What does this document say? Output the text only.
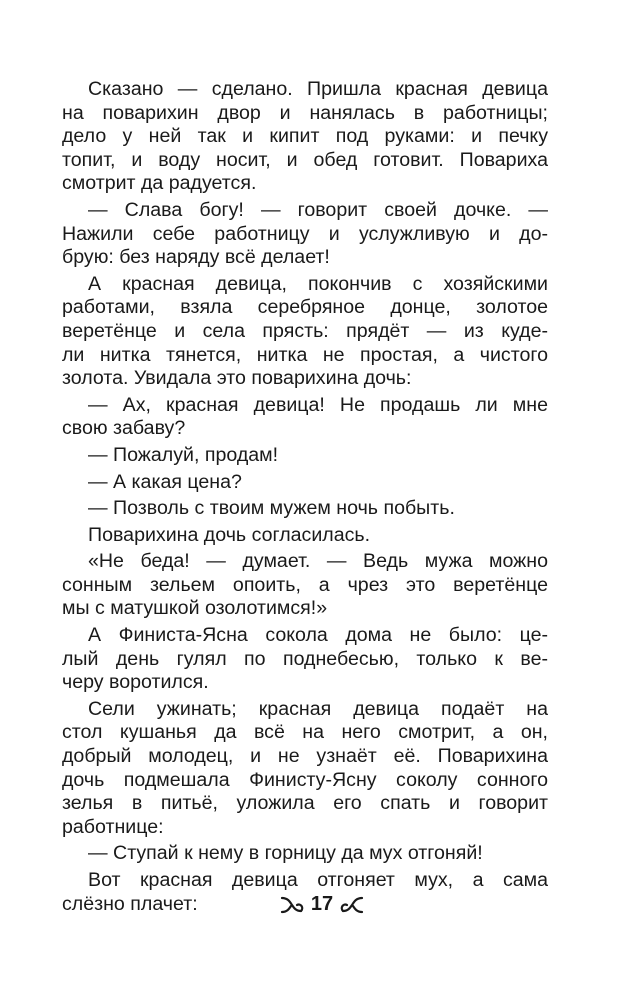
Сказано — сделано. Пришла красная девица
на поварихин двор и нанялась в работницы;
дело у ней так и кипит под руками: и печку
топит, и воду носит, и обед готовит. Повариха
смотрит да радуется.
— Слава богу! — говорит своей дочке. —
Нажили себе работницу и услужливую и до-
брую: без наряду всё делает!
А красная девица, покончив с хозяйскими
работами, взяла серебряное донце, золотое
веретёнце и села прясть: прядёт — из куде-
ли нитка тянется, нитка не простая, а чистого
золота. Увидала это поварихина дочь:
— Ах, красная девица! Не продашь ли мне
свою забаву?
— Пожалуй, продам!
— А какая цена?
— Позволь с твоим мужем ночь побыть.
Поварихина дочь согласилась.
«Не беда! — думает. — Ведь мужа можно
сонным зельем опоить, а чрез это веретёнце
мы с матушкой озолотимся!»
А Финиста-Ясна сокола дома не было: це-
лый день гулял по поднебесью, только к ве-
черу воротился.
Сели ужинать; красная девица подаёт на
стол кушанья да всё на него смотрит, а он,
добрый молодец, и не узнаёт её. Поварихина
дочь подмешала Финисту-Ясну соколу сонного
зелья в питьё, уложила его спать и говорит
работнице:
— Ступай к нему в горницу да мух отгоняй!
Вот красная девица отгоняет мух, а сама
слёзно плачет:	17
